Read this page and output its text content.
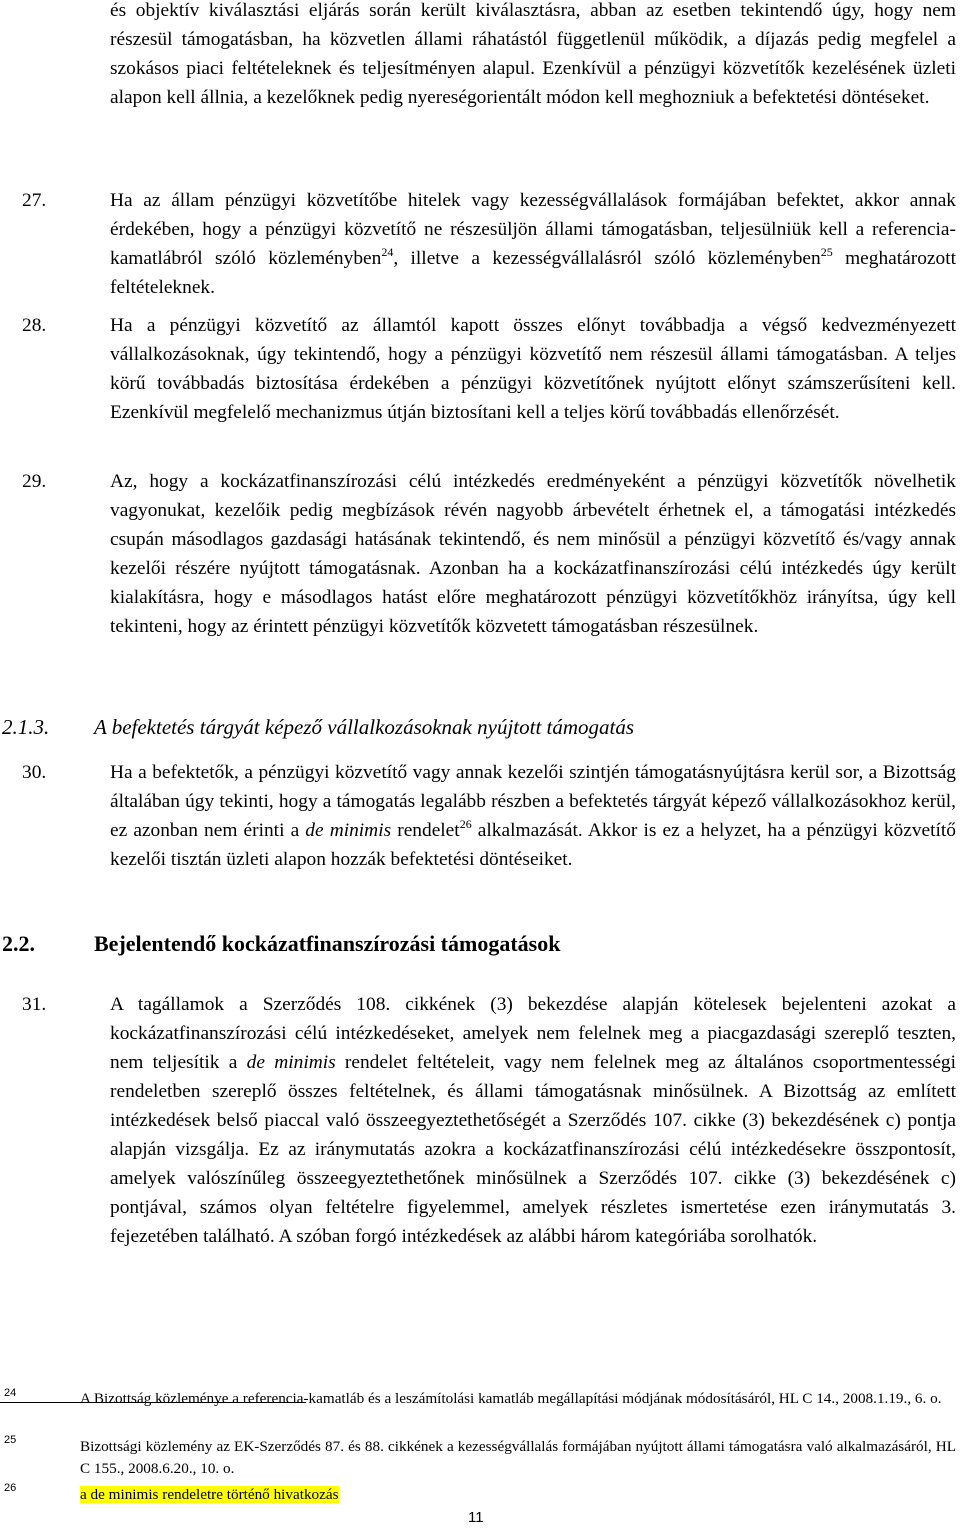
és objektív kiválasztási eljárás során került kiválasztásra, abban az esetben tekintendő úgy, hogy nem részesül támogatásban, ha közvetlen állami ráhatástól függetlenül működik, a díjazás pedig megfelel a szokásos piaci feltételeknek és teljesítményen alapul. Ezenkívül a pénzügyi közvetítők kezelésének üzleti alapon kell állnia, a kezelőknek pedig nyereségorientált módon kell meghozniuk a befektetési döntéseket.
27.	Ha az állam pénzügyi közvetítőbe hitelek vagy kezességvállalások formájában befektet, akkor annak érdekében, hogy a pénzügyi közvetítő ne részesüljön állami támogatásban, teljesülniük kell a referencia-kamatlábról szóló közleményben$^{24}$, illetve a kezességvállalásról szóló közleményben$^{25}$ meghatározott feltételeknek.
28.	Ha a pénzügyi közvetítő az államtól kapott összes előnyt továbbadja a végső kedvezményezett vállalkozásoknak, úgy tekintendő, hogy a pénzügyi közvetítő nem részesül állami támogatásban. A teljes körű továbbadás biztosítása érdekében a pénzügyi közvetítőnek nyújtott előnyt számszerűsíteni kell. Ezenkívül megfelelő mechanizmus útján biztosítani kell a teljes körű továbbadás ellenőrzését.
29.	Az, hogy a kockázatfinanszírozási célú intézkedés eredményeként a pénzügyi közvetítők növelhetik vagyonukat, kezelőik pedig megbízások révén nagyobb árbevételt érhetnek el, a támogatási intézkedés csupán másodlagos gazdasági hatásának tekintendő, és nem minősül a pénzügyi közvetítő és/vagy annak kezelői részére nyújtott támogatásnak. Azonban ha a kockázatfinanszírozási célú intézkedés úgy került kialakításra, hogy e másodlagos hatást előre meghatározott pénzügyi közvetítőkhöz irányítsa, úgy kell tekinteni, hogy az érintett pénzügyi közvetítők közvetett támogatásban részesülnek.
2.1.3. A befektetés tárgyát képező vállalkozásoknak nyújtott támogatás
30.	Ha a befektetők, a pénzügyi közvetítő vagy annak kezelői szintjén támogatásnyújtásra kerül sor, a Bizottság általában úgy tekinti, hogy a támogatás legalább részben a befektetés tárgyát képező vállalkozásokhoz kerül, ez azonban nem érinti a de minimis rendelet$^{26}$ alkalmazását. Akkor is ez a helyzet, ha a pénzügyi közvetítő kezelői tisztán üzleti alapon hozzák befektetési döntéseiket.
2.2.	Bejelentendő kockázatfinanszírozási támogatások
31.	A tagállamok a Szerződés 108. cikkének (3) bekezdése alapján kötelesek bejelenteni azokat a kockázatfinanszírozási célú intézkedéseket, amelyek nem felelnek meg a piacgazdasági szereplő teszten, nem teljesítik a de minimis rendelet feltételeit, vagy nem felelnek meg az általános csoportmentességi rendeletben szereplő összes feltételnek, és állami támogatásnak minősülnek. A Bizottság az említett intézkedések belső piaccal való összeegyeztethetőségét a Szerződés 107. cikke (3) bekezdésének c) pontja alapján vizsgálja. Ez az iránymutatás azokra a kockázatfinanszírozási célú intézkedésekre összpontosít, amelyek valószínűleg összeegyeztethetőnek minősülnek a Szerződés 107. cikke (3) bekezdésének c) pontjával, számos olyan feltételre figyelemmel, amelyek részletes ismertetése ezen iránymutatás 3. fejezetében található. A szóban forgó intézkedések az alábbi három kategóriába sorolhatók.
24	A Bizottság közleménye a referencia-kamatláb és a leszámítolási kamatláb megállapítási módjának módosításáról, HL C 14., 2008.1.19., 6. o.
25	Bizottsági közlemény az EK-Szerződés 87. és 88. cikkének a kezességvállalás formájában nyújtott állami támogatásra való alkalmazásáról, HL C 155., 2008.6.20., 10. o.
26	a de minimis rendeletre történő hivatkozás
11
